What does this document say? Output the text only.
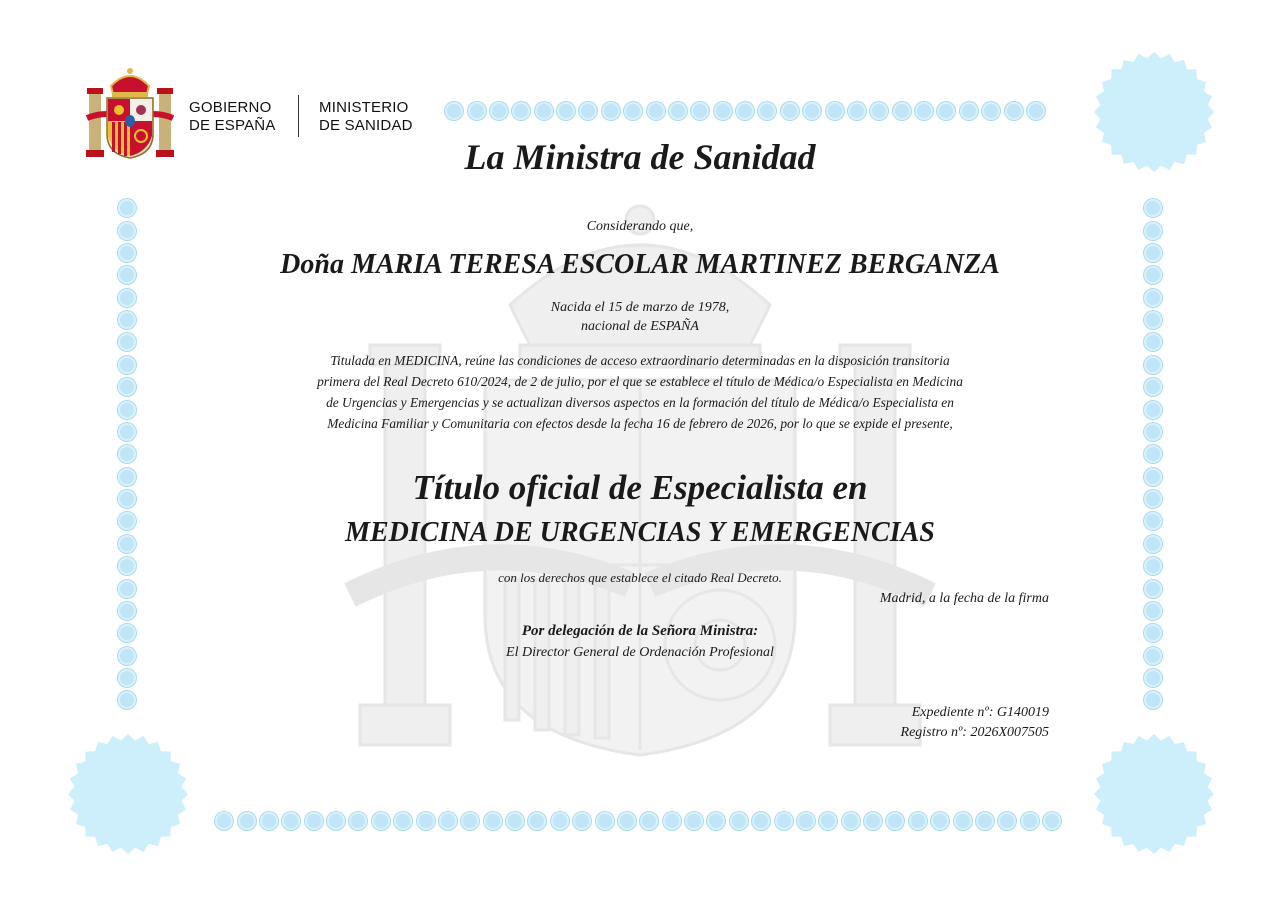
GOBIERNO
DE ESPAÑA
MINISTERIO
DE SANIDAD
La Ministra de Sanidad
Considerando que,
Doña MARIA TERESA ESCOLAR MARTINEZ BERGANZA
Nacida el 15 de marzo de 1978,
nacional de ESPAÑA
Titulada en MEDICINA, reúne las condiciones de acceso extraordinario determinadas en la disposición transitoria
primera del Real Decreto 610/2024, de 2 de julio, por el que se establece el título de Médica/o Especialista en Medicina
de Urgencias y Emergencias y se actualizan diversos aspectos en la formación del título de Médica/o Especialista en
Medicina Familiar y Comunitaria con efectos desde la fecha 16 de febrero de 2026, por lo que se expide el presente,
Título oficial de Especialista en
MEDICINA DE URGENCIAS Y EMERGENCIAS
con los derechos que establece el citado Real Decreto.
Madrid, a la fecha de la firma
Por delegación de la Señora Ministra:
El Director General de Ordenación Profesional
Expediente nº: G140019
Registro nº: 2026X007505
